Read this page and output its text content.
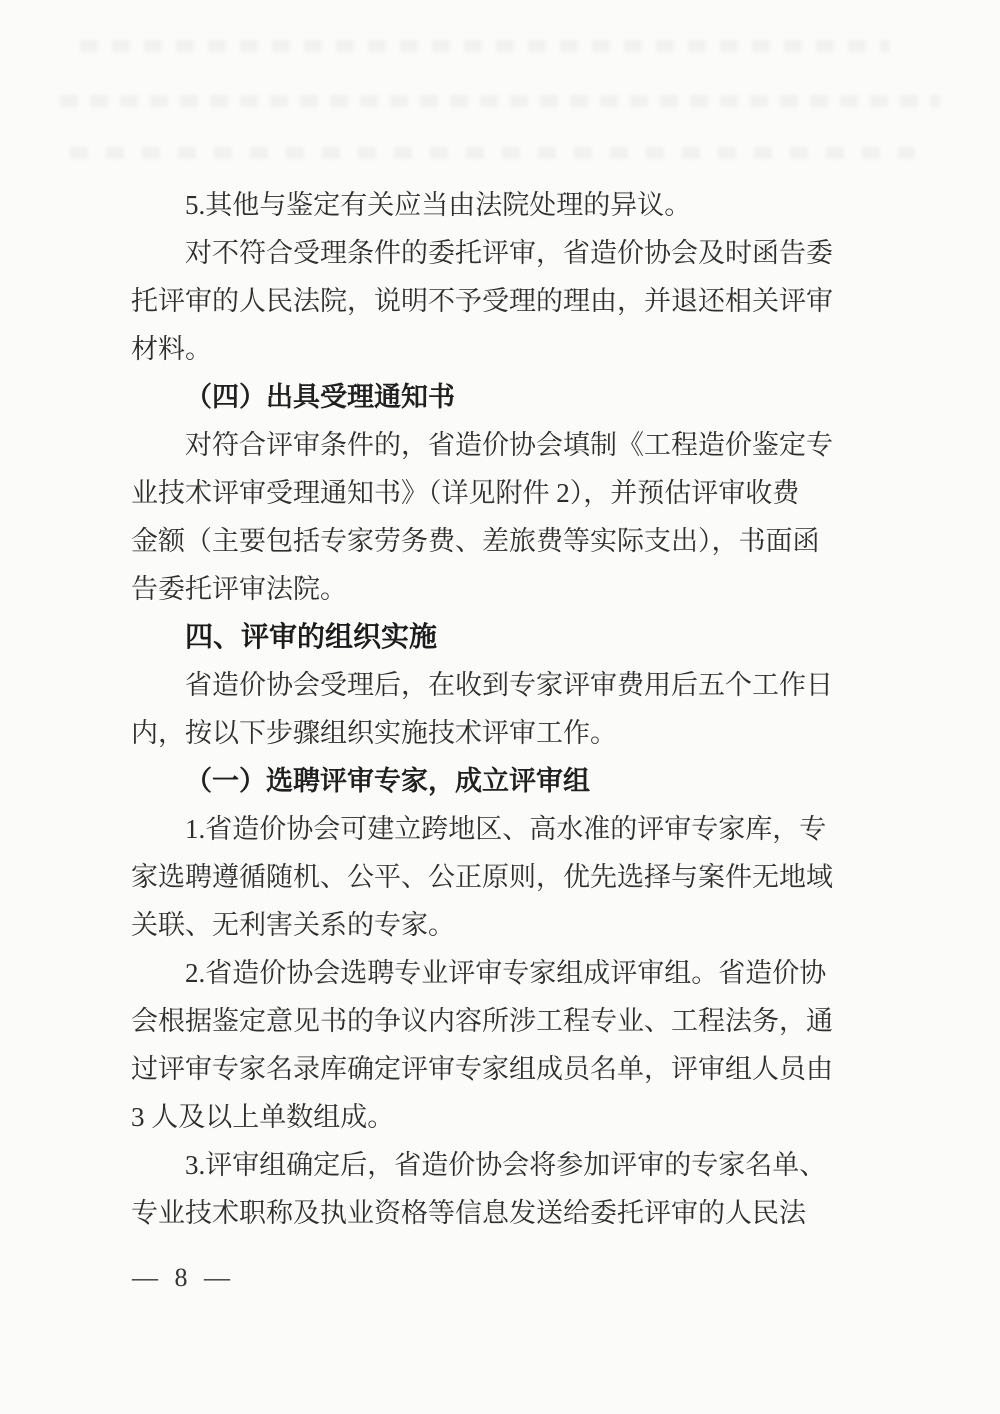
5.其他与鉴定有关应当由法院处理的异议。
对不符合受理条件的委托评审，省造价协会及时函告委
托评审的人民法院，说明不予受理的理由，并退还相关评审
材料。
（四）出具受理通知书
对符合评审条件的，省造价协会填制《工程造价鉴定专
业技术评审受理通知书》（详见附件 2），并预估评审收费
金额（主要包括专家劳务费、差旅费等实际支出），书面函
告委托评审法院。
四、评审的组织实施
省造价协会受理后，在收到专家评审费用后五个工作日
内，按以下步骤组织实施技术评审工作。
（一）选聘评审专家，成立评审组
1.省造价协会可建立跨地区、高水准的评审专家库，专
家选聘遵循随机、公平、公正原则，优先选择与案件无地域
关联、无利害关系的专家。
2.省造价协会选聘专业评审专家组成评审组。省造价协
会根据鉴定意见书的争议内容所涉工程专业、工程法务，通
过评审专家名录库确定评审专家组成员名单，评审组人员由
3 人及以上单数组成。
3.评审组确定后，省造价协会将参加评审的专家名单、
专业技术职称及执业资格等信息发送给委托评审的人民法
— 8 —
